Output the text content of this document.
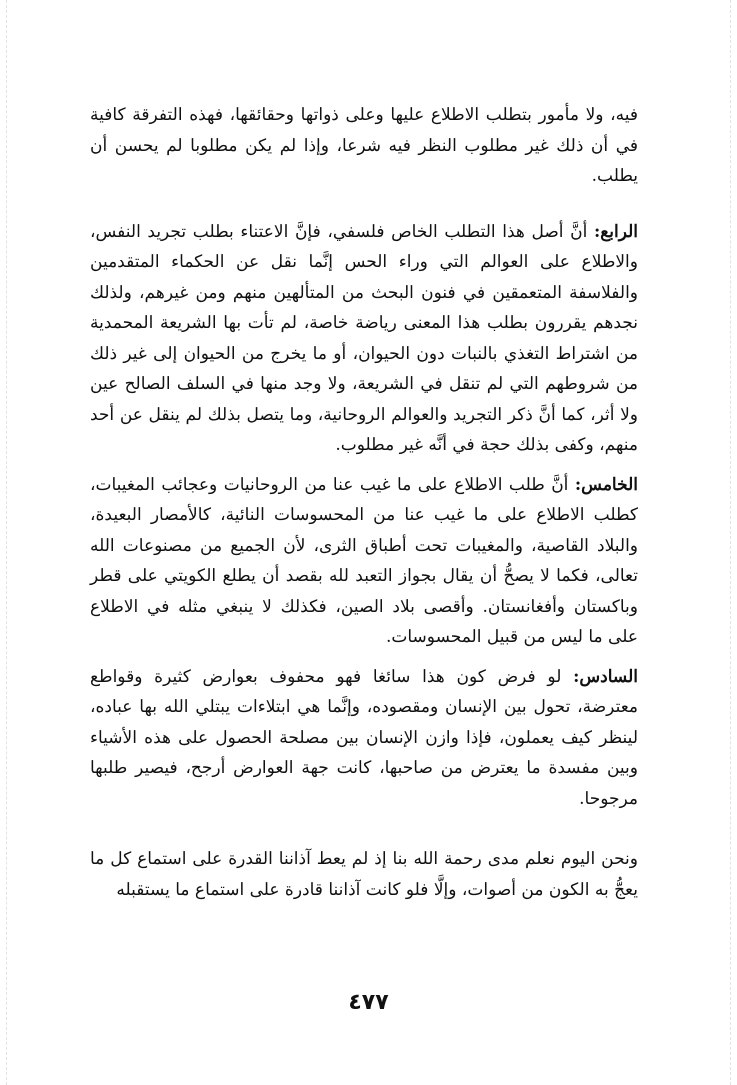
فيه، ولا مأمور بتطلب الاطلاع عليها وعلى ذواتها وحقائقها، فهذه التفرقة كافية في أن ذلك غير مطلوب النظر فيه شرعا، وإذا لم يكن مطلوبا لم يحسن أن يطلب.

الرابع: أنَّ أصل هذا التطلب الخاص فلسفي، فإنَّ الاعتناء بطلب تجريد النفس، والاطلاع على العوالم التي وراء الحس إنَّما نقل عن الحكماء المتقدمين والفلاسفة المتعمقين في فنون البحث من المتألهين منهم ومن غيرهم، ولذلك نجدهم يقررون بطلب هذا المعنى رياضة خاصة، لم تأت بها الشريعة المحمدية من اشتراط التغذي بالنبات دون الحيوان، أو ما يخرج من الحيوان إلى غير ذلك من شروطهم التي لم تنقل في الشريعة، ولا وجد منها في السلف الصالح عين ولا أثر، كما أنَّ ذكر التجريد والعوالم الروحانية، وما يتصل بذلك لم ينقل عن أحد منهم، وكفى بذلك حجة في أنَّه غير مطلوب.

الخامس: أنَّ طلب الاطلاع على ما غيب عنا من الروحانيات وعجائب المغيبات، كطلب الاطلاع على ما غيب عنا من المحسوسات النائية، كالأمصار البعيدة، والبلاد القاصية، والمغيبات تحت أطباق الثرى، لأن الجميع من مصنوعات الله تعالى، فكما لا يصحُّ أن يقال بجواز التعبد لله بقصد أن يطلع الكويتي على قطر وباكستان وأفغانستان. وأقصى بلاد الصين، فكذلك لا ينبغي مثله في الاطلاع على ما ليس من قبيل المحسوسات.

السادس: لو فرض كون هذا سائغا فهو محفوف بعوارض كثيرة وقواطع معترضة، تحول بين الإنسان ومقصوده، وإنَّما هي ابتلاءات يبتلي الله بها عباده، لينظر كيف يعملون، فإذا وازن الإنسان بين مصلحة الحصول على هذه الأشياء وبين مفسدة ما يعترض من صاحبها، كانت جهة العوارض أرجح، فيصير طلبها مرجوحا.

ونحن اليوم نعلم مدى رحمة الله بنا إذ لم يعط آذاننا القدرة على استماع كل ما يعجُّ به الكون من أصوات، وإلَّا فلو كانت آذاننا قادرة على استماع ما يستقبله

٤٧٧
